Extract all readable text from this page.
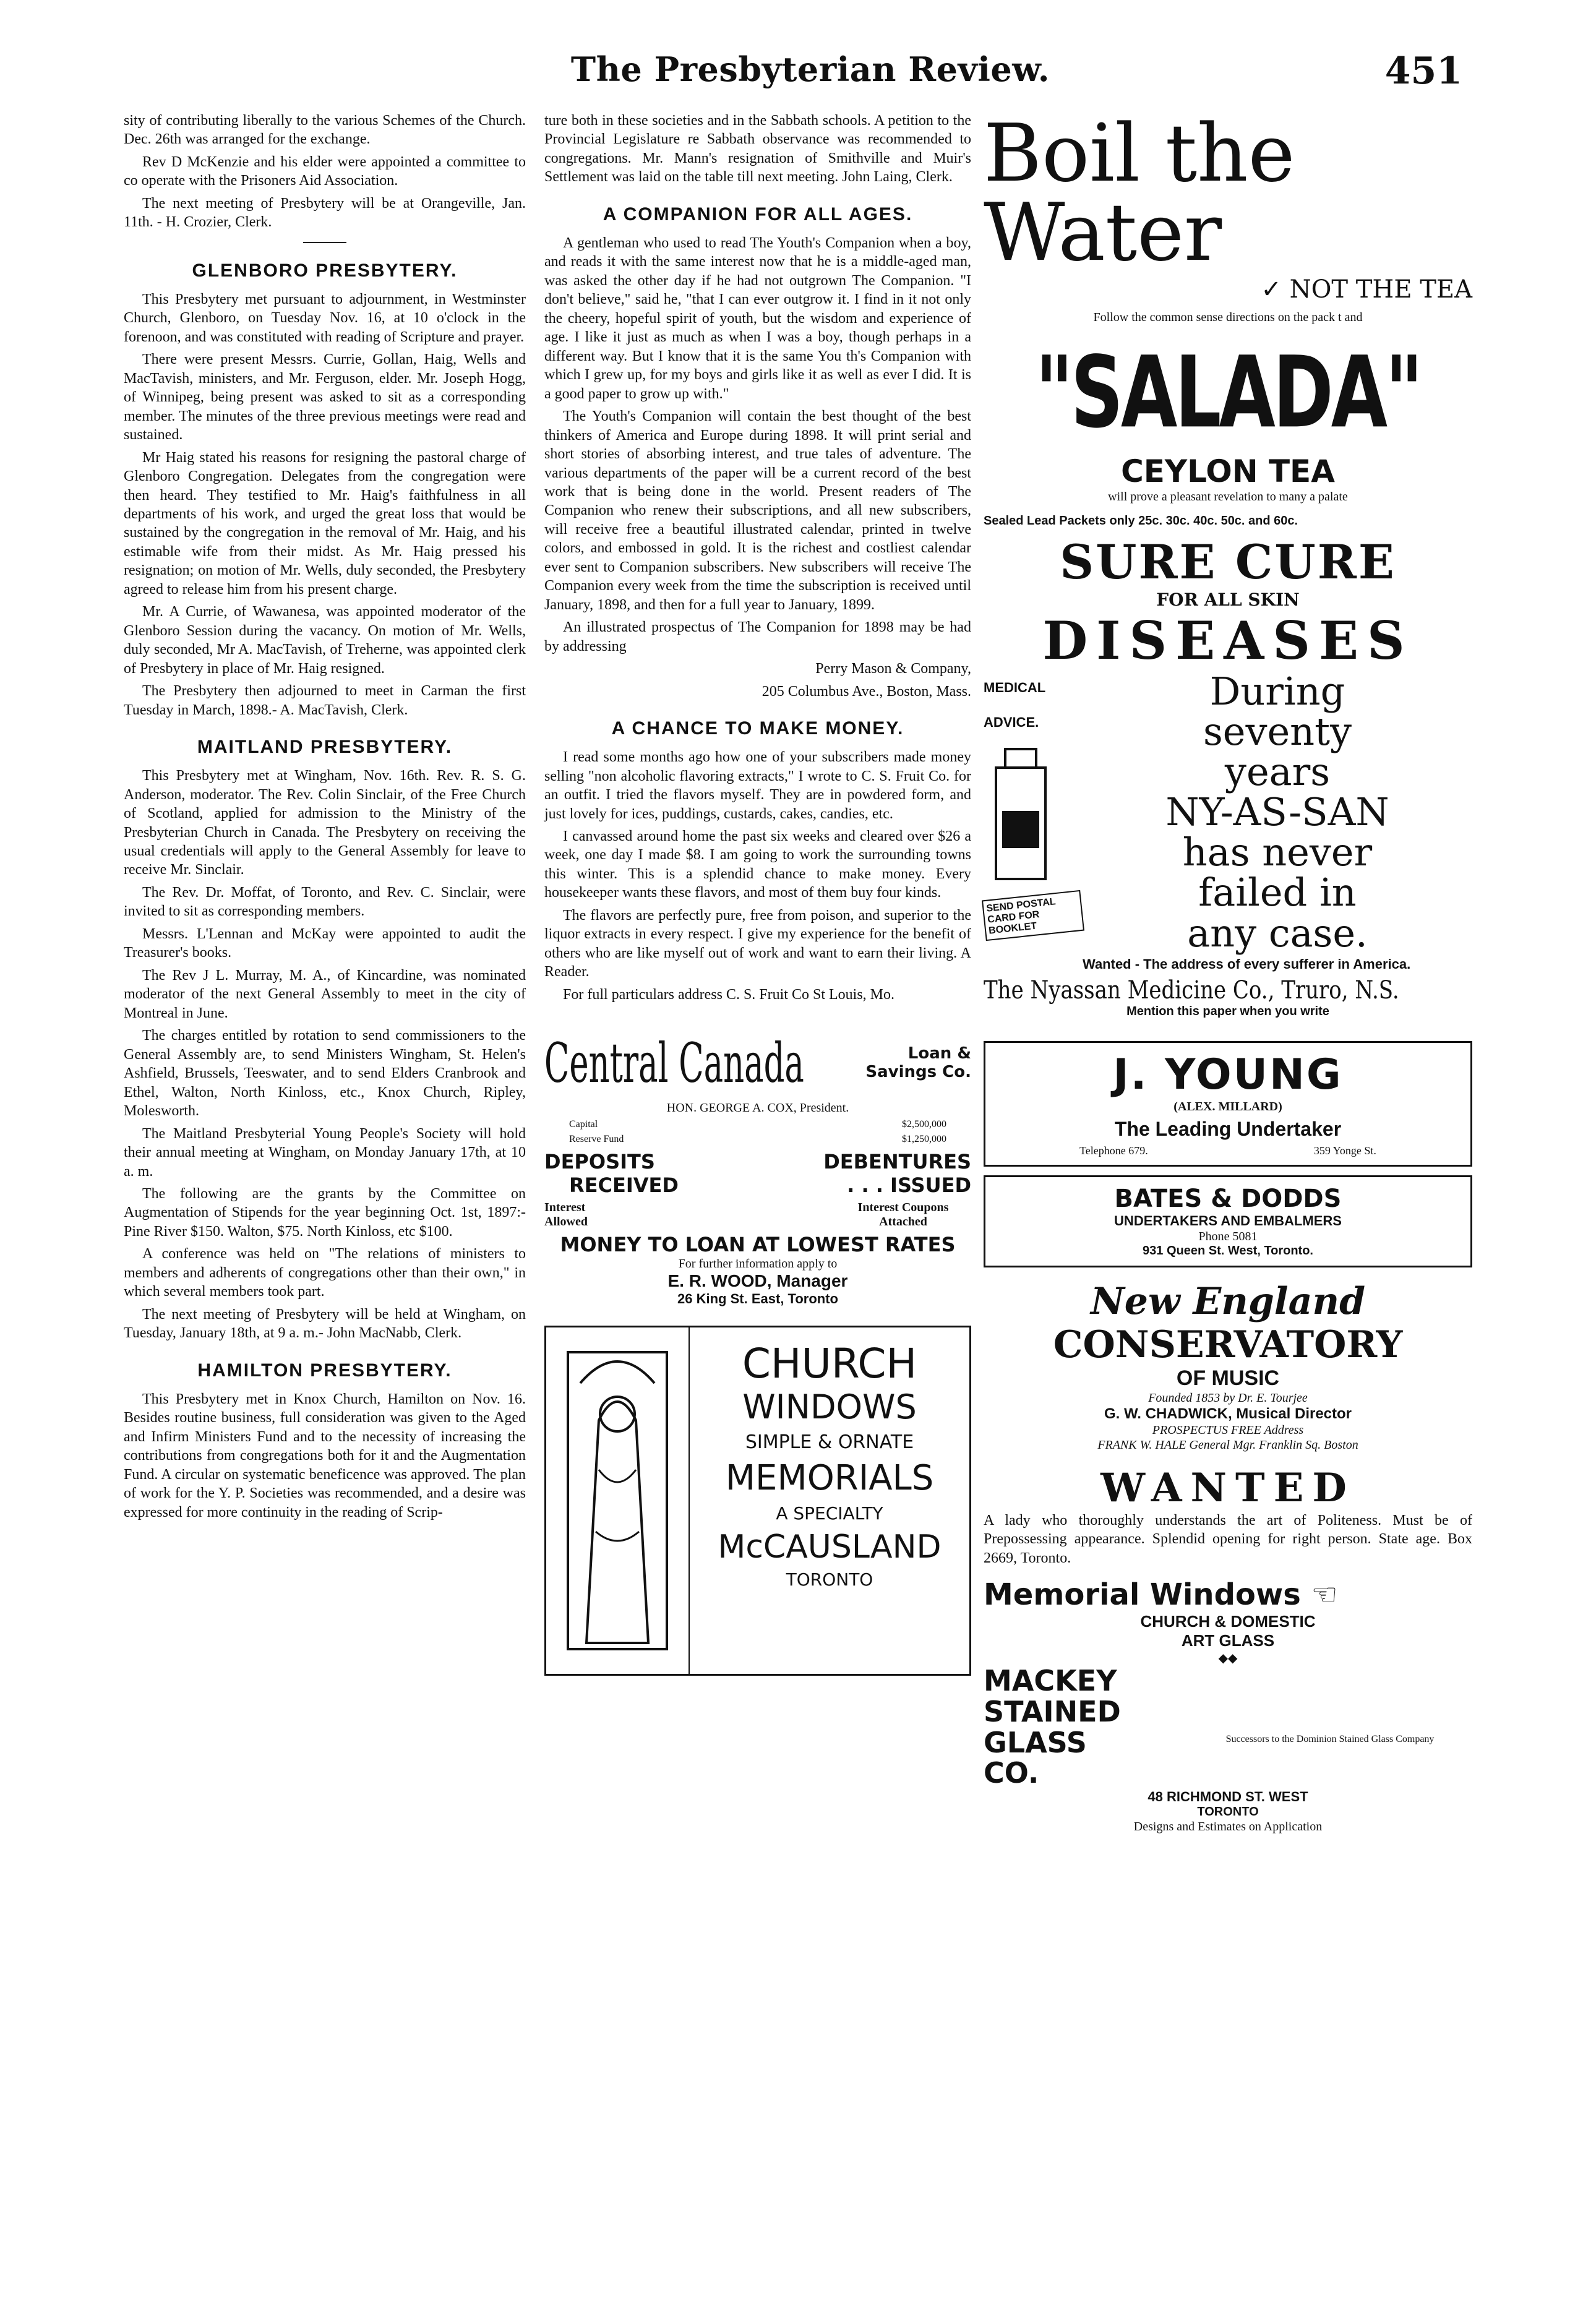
The Presbyterian Review.	451

sity of contributing liberally to the various Schemes of the Church. Dec. 26th was arranged for the exchange.

Rev D McKenzie and his elder were appointed a committee to co operate with the Prisoners Aid Association.

The next meeting of Presbytery will be at Orangeville, Jan. 11th. - H. Crozier, Clerk.

GLENBORO PRESBYTERY.

This Presbytery met pursuant to adjournment, in Westminster Church, Glenboro, on Tuesday Nov. 16, at 10 o'clock in the forenoon, and was constituted with reading of Scripture and prayer.

There were present Messrs. Currie, Gollan, Haig, Wells and MacTavish, ministers, and Mr. Ferguson, elder. Mr. Joseph Hogg, of Winnipeg, being present was asked to sit as a corresponding member. The minutes of the three previous meetings were read and sustained.

Mr Haig stated his reasons for resigning the pastoral charge of Glenboro Congregation. Delegates from the congregation were then heard. They testified to Mr. Haig's faithfulness in all departments of his work, and urged the great loss that would be sustained by the congregation in the removal of Mr. Haig, and his estimable wife from their midst. As Mr. Haig pressed his resignation; on motion of Mr. Wells, duly seconded, the Presbytery agreed to release him from his present charge.

Mr. A Currie, of Wawanesa, was appointed moderator of the Glenboro Session during the vacancy. On motion of Mr. Wells, duly seconded, Mr A. MacTavish, of Treherne, was appointed clerk of Presbytery in place of Mr. Haig resigned.

The Presbytery then adjourned to meet in Carman the first Tuesday in March, 1898.- A. MacTavish, Clerk.

MAITLAND PRESBYTERY.

This Presbytery met at Wingham, Nov. 16th. Rev. R. S. G. Anderson, moderator. The Rev. Colin Sinclair, of the Free Church of Scotland, applied for admission to the Ministry of the Presbyterian Church in Canada. The Presbytery on receiving the usual credentials will apply to the General Assembly for leave to receive Mr. Sinclair.

The Rev. Dr. Moffat, of Toronto, and Rev. C. Sinclair, were invited to sit as corresponding members.

Messrs. L'Lennan and McKay were appointed to audit the Treasurer's books.

The Rev J L. Murray, M. A., of Kincardine, was nominated moderator of the next General Assembly to meet in the city of Montreal in June.

The charges entitled by rotation to send commissioners to the General Assembly are, to send Ministers Wingham, St. Helen's Ashfield, Brussels, Teeswater, and to send Elders Cranbrook and Ethel, Walton, North Kinloss, etc., Knox Church, Ripley, Molesworth.

The Maitland Presbyterial Young People's Society will hold their annual meeting at Wingham, on Monday January 17th, at 10 a. m.

The following are the grants by the Committee on Augmentation of Stipends for the year beginning Oct. 1st, 1897:- Pine River $150. Walton, $75. North Kinloss, etc $100.

A conference was held on "The relations of ministers to members and adherents of congregations other than their own," in which several members took part.

The next meeting of Presbytery will be held at Wingham, on Tuesday, January 18th, at 9 a. m.- John MacNabb, Clerk.

HAMILTON PRESBYTERY.

This Presbytery met in Knox Church, Hamilton on Nov. 16. Besides routine business, full consideration was given to the Aged and Infirm Ministers Fund and to the necessity of increasing the contributions from congregations both for it and the Augmentation Fund. A circular on systematic beneficence was approved. The plan of work for the Y. P. Societies was recommended, and a desire was expressed for more continuity in the reading of Scrip-

ture both in these societies and in the Sabbath schools. A petition to the Provincial Legislature re Sabbath observance was recommended to congregations. Mr. Mann's resignation of Smithville and Muir's Settlement was laid on the table till next meeting. John Laing, Clerk.

A COMPANION FOR ALL AGES.

A gentleman who used to read The Youth's Companion when a boy, and reads it with the same interest now that he is a middle-aged man, was asked the other day if he had not outgrown The Companion. "I don't believe," said he, "that I can ever outgrow it. I find in it not only the cheery, hopeful spirit of youth, but the wisdom and experience of age. I like it just as much as when I was a boy, though perhaps in a different way. But I know that it is the same You th's Companion with which I grew up, for my boys and girls like it as well as ever I did. It is a good paper to grow up with."

The Youth's Companion will contain the best thought of the best thinkers of America and Europe during 1898. It will print serial and short stories of absorbing interest, and true tales of adventure. The various departments of the paper will be a current record of the best work that is being done in the world. Present readers of The Companion who renew their subscriptions, and all new subscribers, will receive free a beautiful illustrated calendar, printed in twelve colors, and embossed in gold. It is the richest and costliest calendar ever sent to Companion subscribers. New subscribers will receive The Companion every week from the time the subscription is received until January, 1898, and then for a full year to January, 1899.

An illustrated prospectus of The Companion for 1898 may be had by addressing

Perry Mason & Company,

205 Columbus Ave., Boston, Mass.

A CHANCE TO MAKE MONEY.

I read some months ago how one of your subscribers made money selling "non alcoholic flavoring extracts," I wrote to C. S. Fruit Co. for an outfit. I tried the flavors myself. They are in powdered form, and just lovely for ices, puddings, custards, cakes, candies, etc.

I canvassed around home the past six weeks and cleared over $26 a week, one day I made $8. I am going to work the surrounding towns this winter. This is a splendid chance to make money. Every housekeeper wants these flavors, and most of them buy four kinds.

The flavors are perfectly pure, free from poison, and superior to the liquor extracts in every respect. I give my experience for the benefit of others who are like myself out of work and want to earn their living. A Reader.

For full particulars address C. S. Fruit Co St Louis, Mo.

Central Canada	Loan &
Savings Co.
HON. GEORGE A. COX, President.
Capital	$2,500,000
Reserve Fund	$1,250,000
DEPOSITS	DEBENTURES
RECEIVED	. . . ISSUED
Interest Allowed
Interest Coupons Attached
MONEY TO LOAN AT LOWEST RATES
For further information apply to
E. R. WOOD, Manager
26 King St. East, Toronto
CHURCH
WINDOWS
SIMPLE & ORNATE
MEMORIALS
A SPECIALTY
McCAUSLAND
TORONTO
Boil the
Water
✓ NOT THE TEA
Follow the common sense directions on the pack t and
"SALADA"
CEYLON TEA
will prove a pleasant revelation to many a palate
Sealed Lead Packets only 25c. 30c. 40c. 50c. and 60c.
SURE CURE
FOR ALL SKIN
DISEASES
MEDICAL
ADVICE.
SEND POSTAL CARD FOR BOOKLET
During
seventy
years
NY-AS-SAN
has never
failed in
any case.
Wanted - The address of every sufferer in America.
The Nyassan Medicine Co., Truro, N.S.
Mention this paper when you write
J. YOUNG
(ALEX. MILLARD)
The Leading Undertaker
Telephone 679.	359 Yonge St.
BATES & DODDS
UNDERTAKERS AND EMBALMERS
Phone 5081
931 Queen St. West, Toronto.
New England
CONSERVATORY
OF MUSIC
Founded 1853 by Dr. E. Tourjee
G. W. CHADWICK, Musical Director
PROSPECTUS FREE Address
FRANK W. HALE General Mgr. Franklin Sq. Boston
WANTED

A lady who thoroughly understands the art of Politeness. Must be of Prepossessing appearance. Splendid opening for right person. State age. Box 2669, Toronto.

Memorial Windows ☜
CHURCH & DOMESTIC
ART GLASS
◆◆
MACKEY
STAINED GLASS
CO.
Successors to the Dominion Stained Glass Company
48 RICHMOND ST. WEST
TORONTO
Designs and Estimates on Application
